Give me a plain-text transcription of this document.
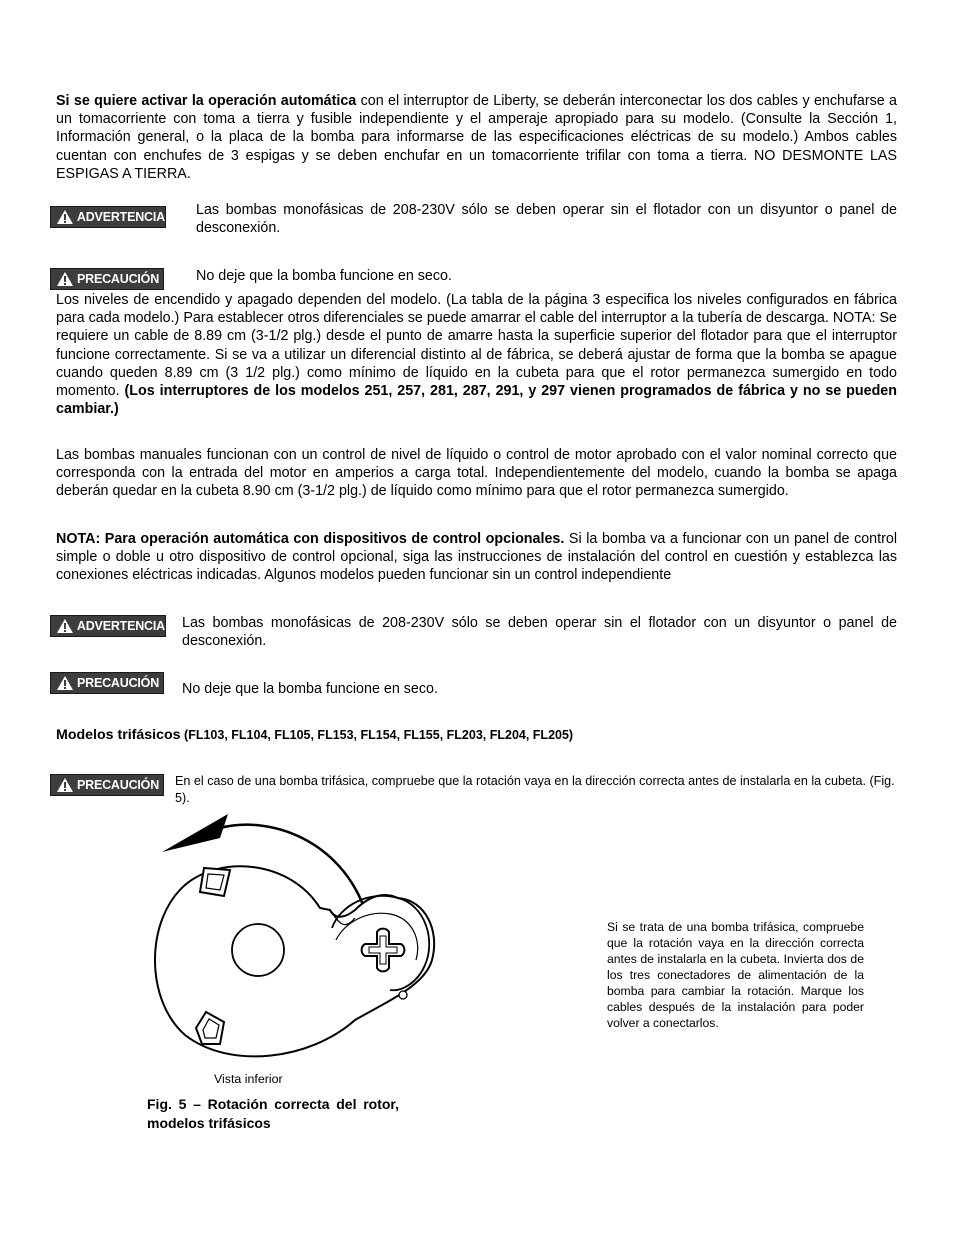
Si se quiere activar la operación automática con el interruptor de Liberty, se deberán interconectar los dos cables y enchufarse a un tomacorriente con toma a tierra y fusible independiente y el amperaje apropiado para su modelo. (Consulte la Sección 1, Información general, o la placa de la bomba para informarse de las especificaciones eléctricas de su modelo.) Ambos cables cuentan con enchufes de 3 espigas y se deben enchufar en un tomacorriente trifilar con toma a tierra. NO DESMONTE LAS ESPIGAS A TIERRA.
ADVERTENCIA Las bombas monofásicas de 208-230V sólo se deben operar sin el flotador con un disyuntor o panel de desconexión.
PRECAUCIÓN	No deje que la bomba funcione en seco.
Los niveles de encendido y apagado dependen del modelo. (La tabla de la página 3 especifica los niveles configurados en fábrica para cada modelo.) Para establecer otros diferenciales se puede amarrar el cable del interruptor a la tubería de descarga. NOTA: Se requiere un cable de 8.89 cm (3-1/2 plg.) desde el punto de amarre hasta la superficie superior del flotador para que el interruptor funcione correctamente. Si se va a utilizar un diferencial distinto al de fábrica, se deberá ajustar de forma que la bomba se apague cuando queden 8.89 cm (3 1/2 plg.) como mínimo de líquido en la cubeta para que el rotor permanezca sumergido en todo momento. (Los interruptores de los modelos 251, 257, 281, 287, 291, y 297 vienen programados de fábrica y no se pueden cambiar.)
Las bombas manuales funcionan con un control de nivel de líquido o control de motor aprobado con el valor nominal correcto que corresponda con la entrada del motor en amperios a carga total. Independientemente del modelo, cuando la bomba se apaga deberán quedar en la cubeta 8.90 cm (3-1/2 plg.) de líquido como mínimo para que el rotor permanezca sumergido.
NOTA: Para operación automática con dispositivos de control opcionales. Si la bomba va a funcionar con un panel de control simple o doble u otro dispositivo de control opcional, siga las instrucciones de instalación del control en cuestión y establezca las conexiones eléctricas indicadas. Algunos modelos pueden funcionar sin un control independiente
ADVERTENCIA Las bombas monofásicas de 208-230V sólo se deben operar sin el flotador con un disyuntor o panel de desconexión.
PRECAUCIÓN No deje que la bomba funcione en seco.
Modelos trifásicos (FL103, FL104, FL105, FL153, FL154, FL155, FL203, FL204, FL205)
PRECAUCIÓN En el caso de una bomba trifásica, compruebe que la rotación vaya en la dirección correcta antes de instalarla en la cubeta. (Fig. 5).
Vista inferior
Fig. 5 – Rotación correcta del rotor, modelos trifásicos
Si se trata de una bomba trifásica, compruebe que la rotación vaya en la dirección correcta antes de instalarla en la cubeta. Invierta dos de los tres conectadores de alimentación de la bomba para cambiar la rotación. Marque los cables después de la instalación para poder volver a conectarlos.
